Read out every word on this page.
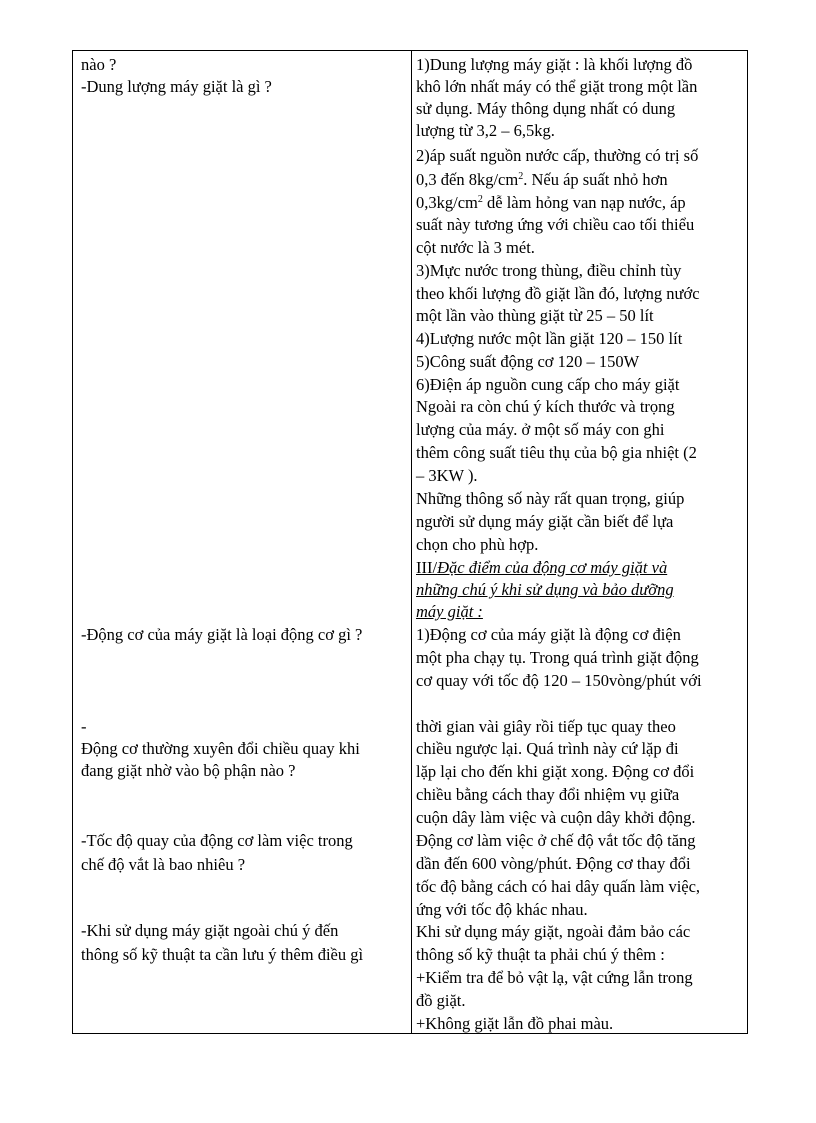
nào ?
-Dung lượng máy giặt là gì ?
-Động cơ của máy giặt là loại động cơ gì ?
-
Động cơ thường xuyên đổi chiều quay khi
đang giặt nhờ vào bộ phận nào ?
-Tốc độ quay của động cơ làm việc trong
chế độ vắt là bao nhiêu ?
-Khi sử dụng máy giặt ngoài chú ý đến
thông số kỹ thuật ta cần lưu ý thêm điều gì
1)Dung lượng máy giặt : là khối lượng đồ
khô lớn nhất máy có thể giặt trong một lần
sử dụng. Máy thông dụng nhất có dung
lượng từ 3,2 – 6,5kg.
2)áp suất nguồn nước cấp, thường có trị số
0,3 đến $8kg/cm^2$. Nếu áp suất nhỏ hơn
$0,3kg/cm^2$ dễ làm hỏng van nạp nước, áp
suất này tương ứng với chiều cao tối thiểu
cột nước là 3 mét.
3)Mực nước trong thùng, điều chỉnh tùy
theo khối lượng đồ giặt lần đó, lượng nước
một lần vào thùng giặt từ 25 – 50 lít
4)Lượng nước một lần giặt 120 – 150 lít
5)Công suất động cơ 120 – 150W
6)Điện áp nguồn cung cấp cho máy giặt
Ngoài ra còn chú ý kích thước và trọng
lượng của máy. ở một số máy con ghi
thêm công suất tiêu thụ của bộ gia nhiệt (2
– 3KW ).
Những thông số này rất quan trọng, giúp
người sử dụng máy giặt cần biết để lựa
chọn cho phù hợp.
III/Đặc điểm của động cơ máy giặt và
những chú ý khi sử dụng và bảo dưỡng
máy giặt :
1)Động cơ của máy giặt là động cơ điện
một pha chạy tụ. Trong quá trình giặt động
cơ quay với tốc độ 120 – 150vòng/phút với
thời gian vài giây rồi tiếp tục quay theo
chiều ngược lại. Quá trình này cứ lặp đi
lặp lại cho đến khi giặt xong. Động cơ đổi
chiều bằng cách thay đổi nhiệm vụ giữa
cuộn dây làm việc và cuộn dây khởi động.
Động cơ làm việc ở chế độ vắt tốc độ tăng
dần đến 600 vòng/phút. Động cơ thay đổi
tốc độ bằng cách có hai dây quấn làm việc,
ứng với tốc độ khác nhau.
Khi sử dụng máy giặt, ngoài đảm bảo các
thông số kỹ thuật ta phải chú ý thêm :
+Kiểm tra để bỏ vật lạ, vật cứng lẫn trong
đồ giặt.
+Không giặt lẫn đồ phai màu.
